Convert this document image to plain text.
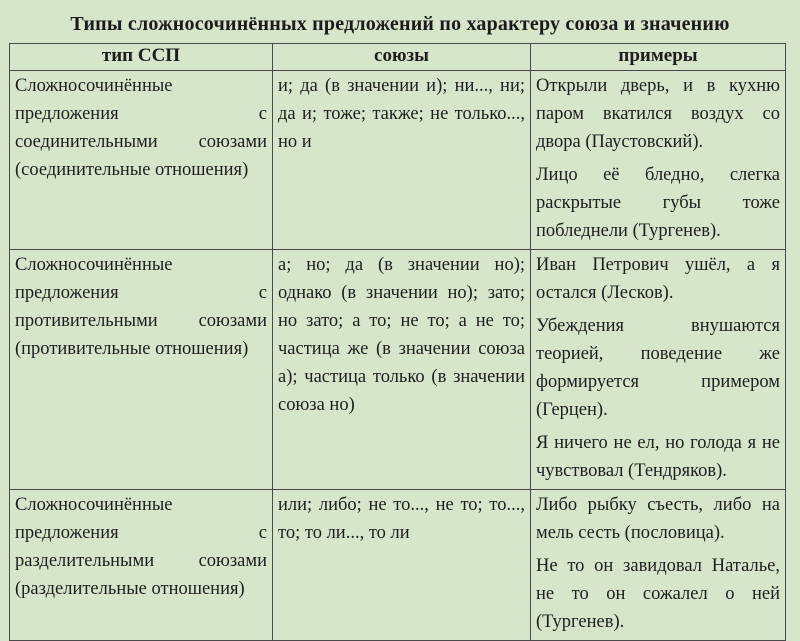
Типы сложносочинённых предложений по характеру союза и значению
тип ССП	союзы	примеры
Сложносочинённые предложения с соединительными союзами (соединительные отношения)	и; да (в значении и); ни..., ни; да и; тоже; также; не только..., но и	Открыли дверь, и в кухню паром вкатился воздух со двора (Паустовский).
Лицо её бледно, слегка раскрытые губы тоже побледнели (Тургенев).

Сложносочинённые предложения с противительными союзами (противительные отношения)	а; но; да (в значении но); однако (в значении но); зато; но зато; а то; не то; а не то; частица же (в значении союза а); частица только (в значении союза но)	Иван Петрович ушёл, а я остался (Лесков).
Убеждения внушаются теорией, поведение же формируется примером (Герцен).
Я ничего не ел, но голода я не чувствовал (Тендряков).

Сложносочинённые предложения с разделительными союзами (разделительные отношения)	или; либо; не то..., не то; то..., то; то ли..., то ли	Либо рыбку съесть, либо на мель сесть (пословица).
Не то он завидовал Наталье, не то он сожалел о ней (Тургенев).
